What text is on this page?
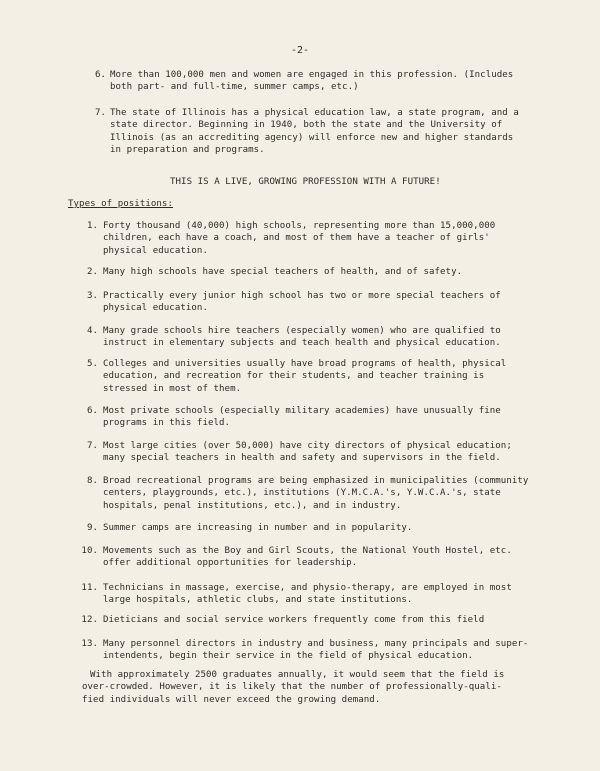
-2-
6. More than 100,000 men and women are engaged in this profession. (Includes
both part- and full-time, summer camps, etc.)
7. The state of Illinois has a physical education law, a state program, and a
state director. Beginning in 1940, both the state and the University of
Illinois (as an accrediting agency) will enforce new and higher standards
in preparation and programs.
THIS IS A LIVE, GROWING PROFESSION WITH A FUTURE!
Types of positions:
1. Forty thousand (40,000) high schools, representing more than 15,000,000
children, each have a coach, and most of them have a teacher of girls'
physical education.
2. Many high schools have special teachers of health, and of safety.
3. Practically every junior high school has two or more special teachers of
physical education.
4. Many grade schools hire teachers (especially women) who are qualified to
instruct in elementary subjects and teach health and physical education.
5. Colleges and universities usually have broad programs of health, physical
education, and recreation for their students, and teacher training is
stressed in most of them.
6. Most private schools (especially military academies) have unusually fine
programs in this field.
7. Most large cities (over 50,000) have city directors of physical education;
many special teachers in health and safety and supervisors in the field.
8. Broad recreational programs are being emphasized in municipalities (community
centers, playgrounds, etc.), institutions (Y.M.C.A.'s, Y.W.C.A.'s, state
hospitals, penal institutions, etc.), and in industry.
9. Summer camps are increasing in number and in popularity.
10. Movements such as the Boy and Girl Scouts, the National Youth Hostel, etc.
offer additional opportunities for leadership.
11. Technicians in massage, exercise, and physio-therapy, are employed in most
large hospitals, athletic clubs, and state institutions.
12. Dieticians and social service workers frequently come from this field
13. Many personnel directors in industry and business, many principals and super-
intendents, begin their service in the field of physical education.
With approximately 2500 graduates annually, it would seem that the field is
over-crowded. However, it is likely that the number of professionally-quali-
fied individuals will never exceed the growing demand.
